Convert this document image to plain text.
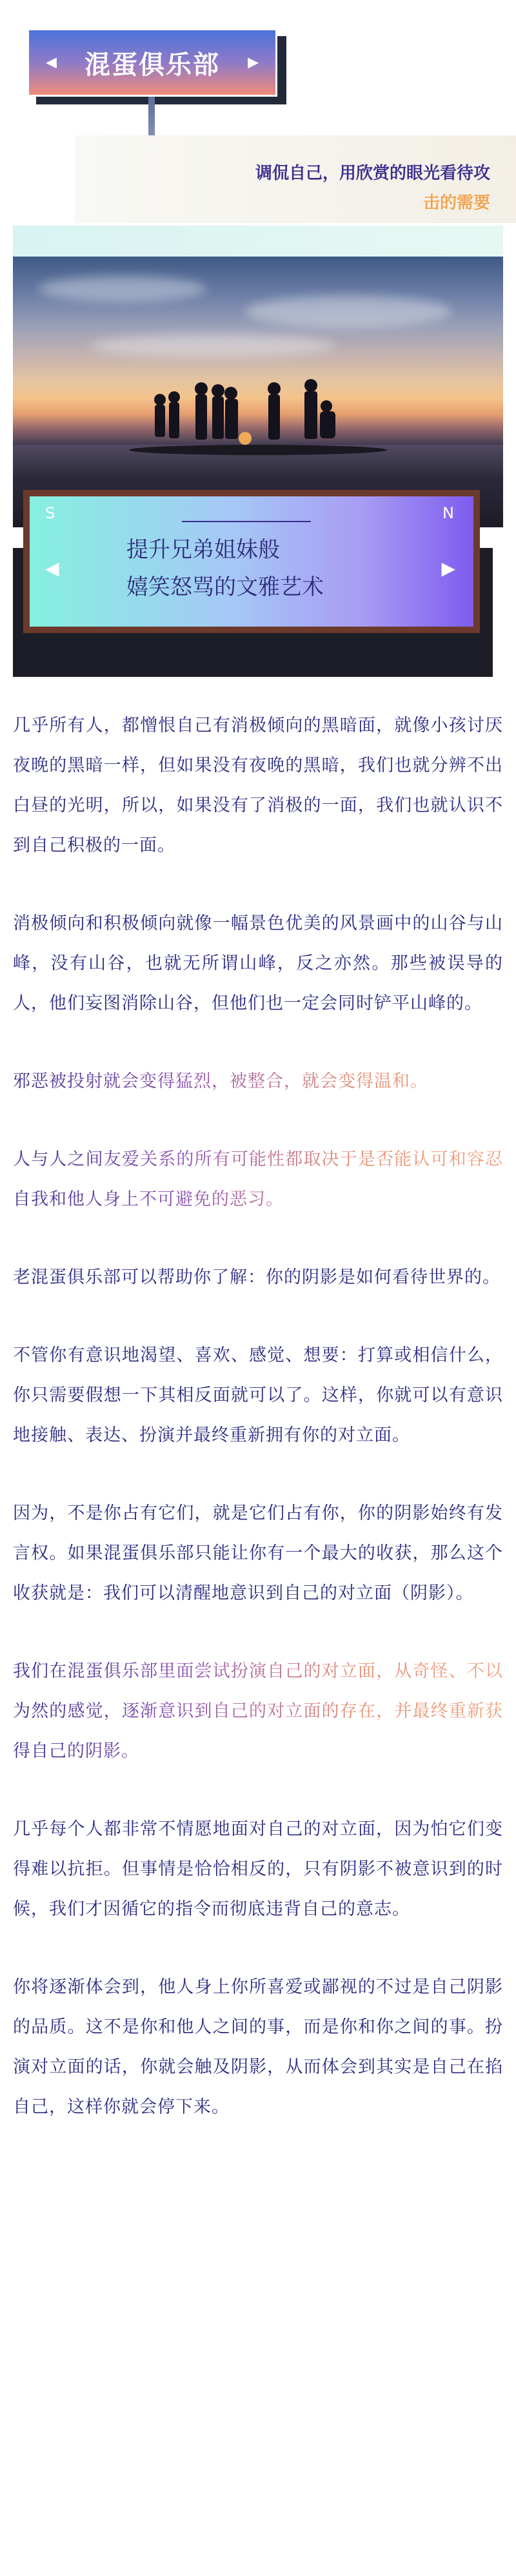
◀ 混蛋俱乐部 ▶
调侃自己，用欣赏的眼光看待攻
击的需要
S	N
◀	▶
提升兄弟姐妹般
嬉笑怒骂的文雅艺术

几乎所有人，都憎恨自己有消极倾向的黑暗面，就像小孩讨厌夜晚的黑暗一样，但如果没有夜晚的黑暗，我们也就分辨不出白昼的光明，所以，如果没有了消极的一面，我们也就认识不到自己积极的一面。

消极倾向和积极倾向就像一幅景色优美的风景画中的山谷与山峰，没有山谷，也就无所谓山峰，反之亦然。那些被误导的人，他们妄图消除山谷，但他们也一定会同时铲平山峰的。

邪恶被投射就会变得猛烈，被整合，就会变得温和。

人与人之间友爱关系的所有可能性都取决于是否能认可和容忍自我和他人身上不可避免的恶习。

老混蛋俱乐部可以帮助你了解：你的阴影是如何看待世界的。

不管你有意识地渴望、喜欢、感觉、想要：打算或相信什么，你只需要假想一下其相反面就可以了。这样，你就可以有意识地接触、表达、扮演并最终重新拥有你的对立面。

因为，不是你占有它们，就是它们占有你，你的阴影始终有发言权。如果混蛋俱乐部只能让你有一个最大的收获，那么这个收获就是：我们可以清醒地意识到自己的对立面（阴影）。

我们在混蛋俱乐部里面尝试扮演自己的对立面，从奇怪、不以为然的感觉，逐渐意识到自己的对立面的存在，并最终重新获得自己的阴影。

几乎每个人都非常不情愿地面对自己的对立面，因为怕它们变得难以抗拒。但事情是恰恰相反的，只有阴影不被意识到的时候，我们才因循它的指令而彻底违背自己的意志。

你将逐渐体会到，他人身上你所喜爱或鄙视的不过是自己阴影的品质。这不是你和他人之间的事，而是你和你之间的事。扮演对立面的话，你就会触及阴影，从而体会到其实是自己在掐自己，这样你就会停下来。
